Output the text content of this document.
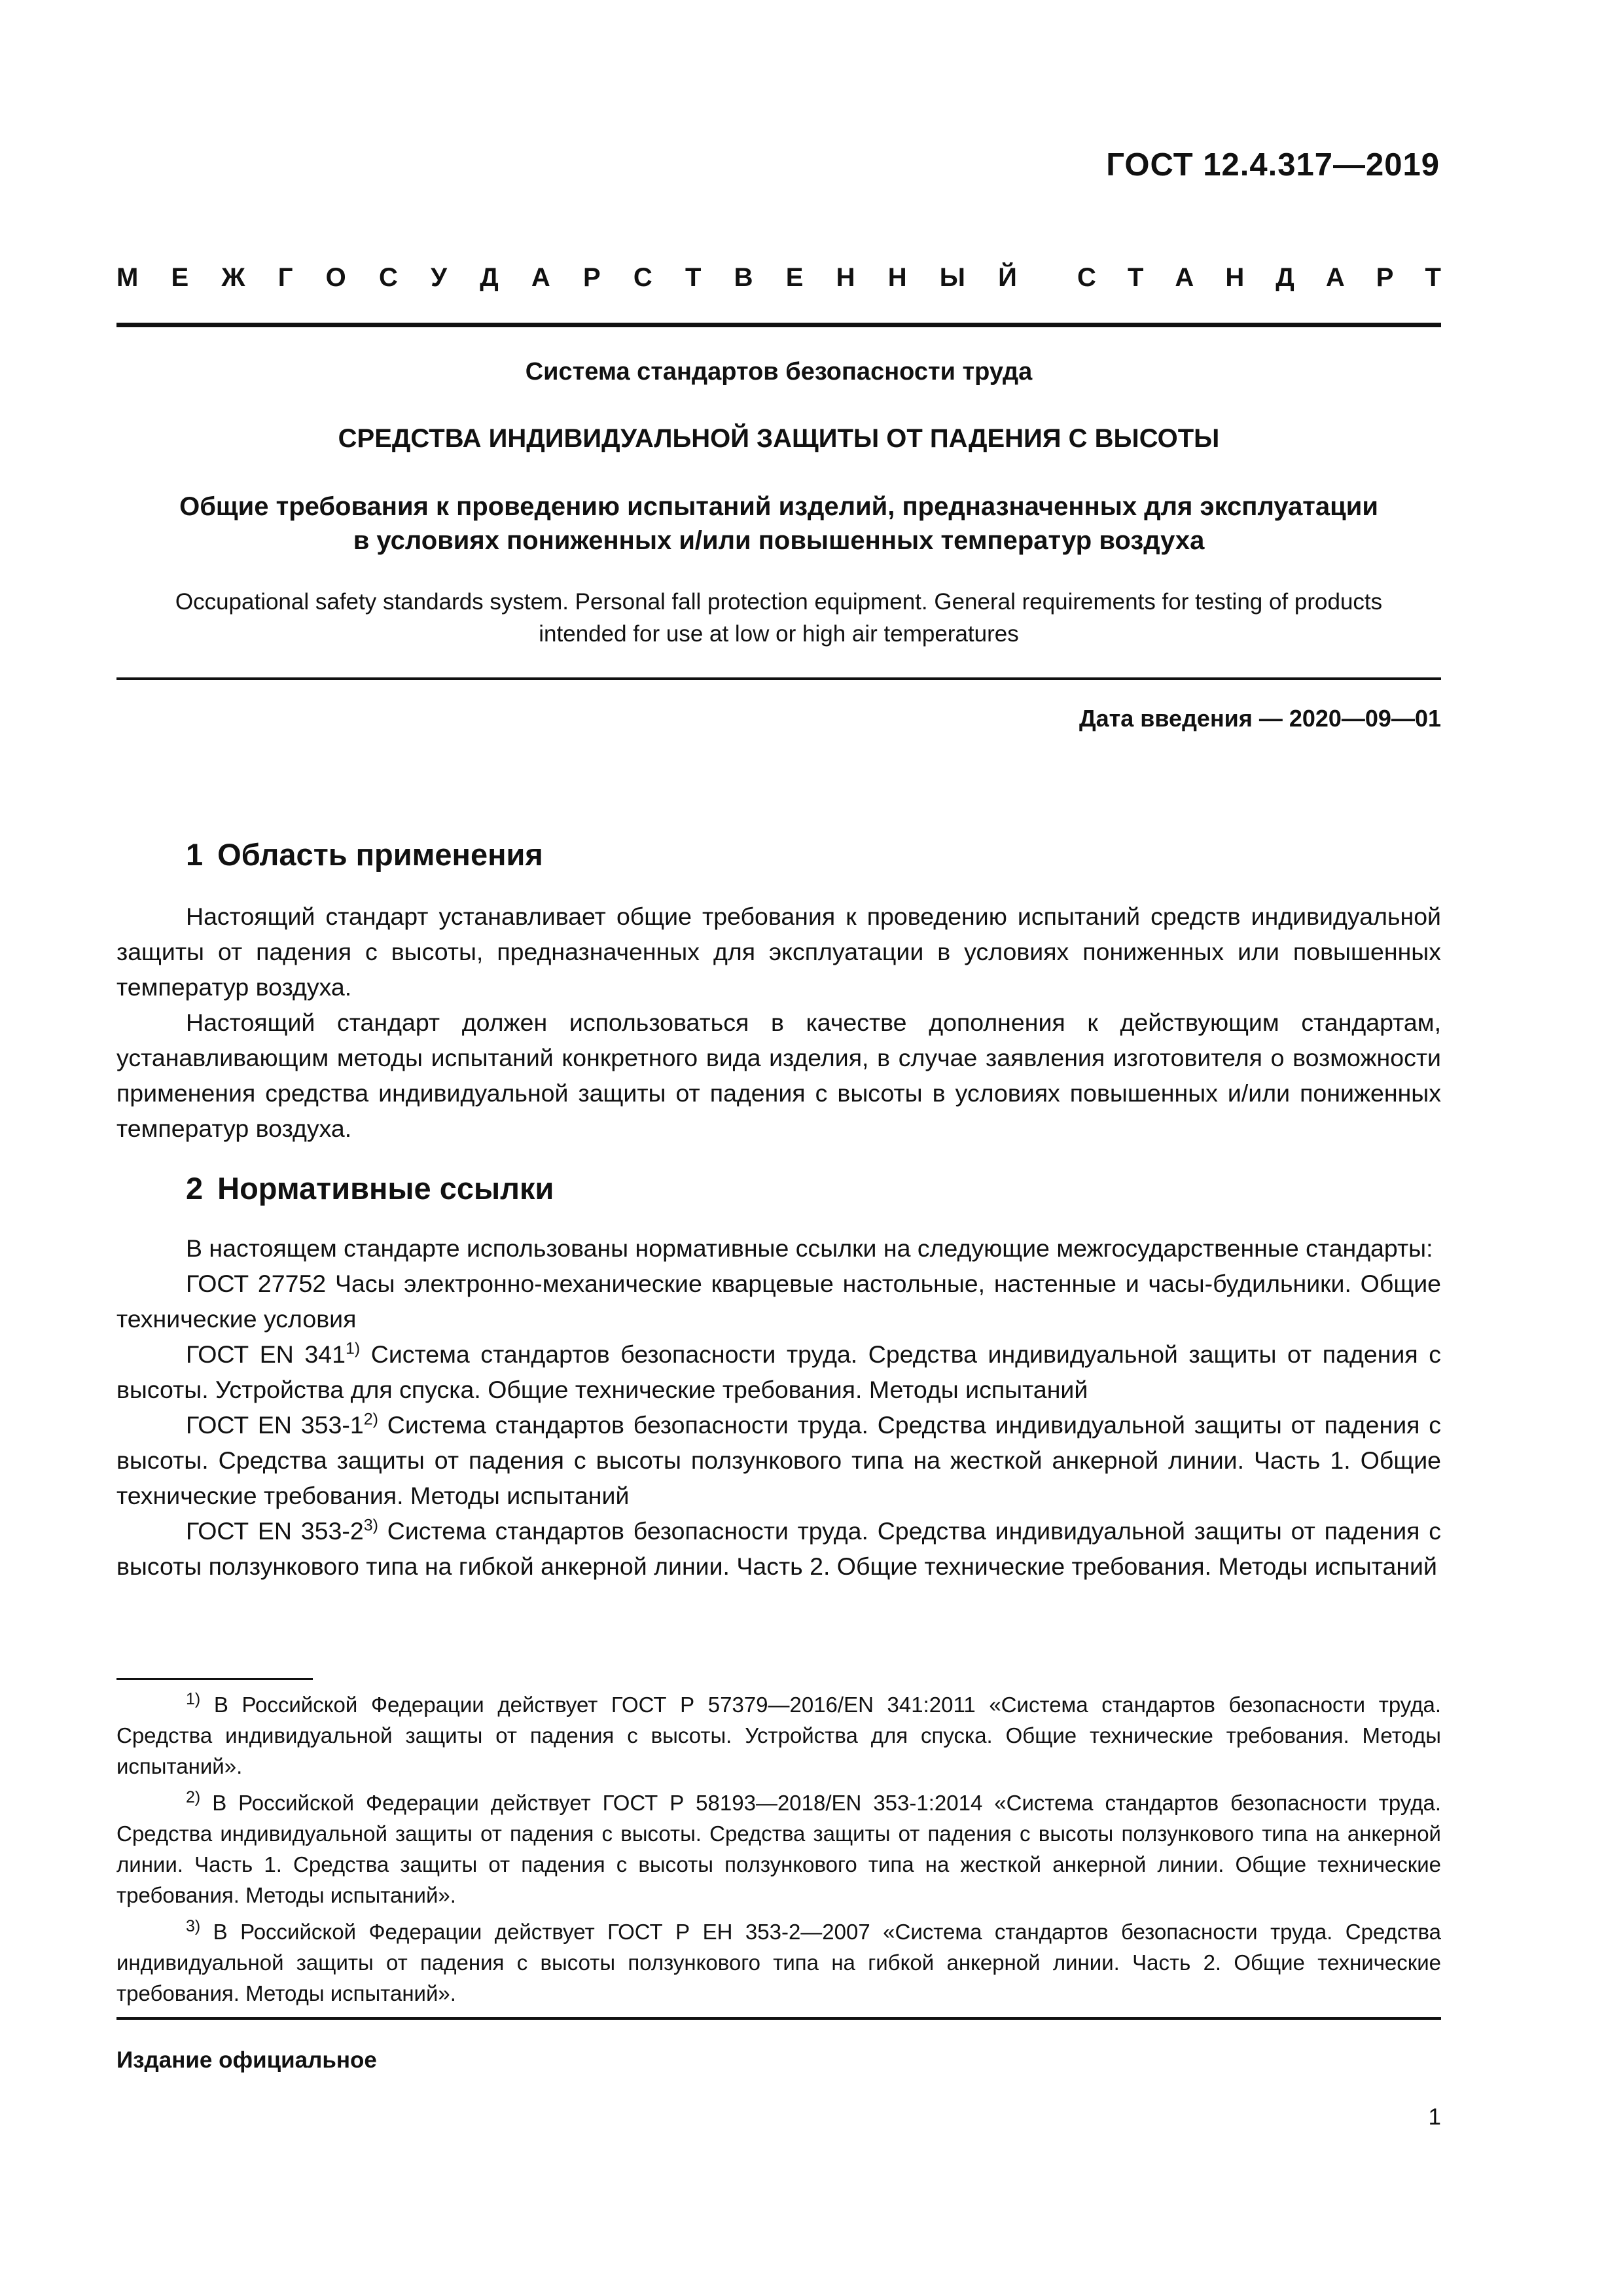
ГОСТ 12.4.317—2019
М Е Ж Г О С У Д А Р С Т В Е Н Н Ы Й С Т А Н Д А Р Т
Система стандартов безопасности труда
СРЕДСТВА ИНДИВИДУАЛЬНОЙ ЗАЩИТЫ ОТ ПАДЕНИЯ С ВЫСОТЫ
Общие требования к проведению испытаний изделий, предназначенных для эксплуатации
в условиях пониженных и/или повышенных температур воздуха
Occupational safety standards system. Personal fall protection equipment. General requirements for testing of products
intended for use at low or high air temperatures
Дата введения — 2020—09—01
1 Область применения

Настоящий стандарт устанавливает общие требования к проведению испытаний средств индивидуальной защиты от падения с высоты, предназначенных для эксплуатации в условиях пониженных или повышенных температур воздуха.

Настоящий стандарт должен использоваться в качестве дополнения к действующим стандартам, устанавливающим методы испытаний конкретного вида изделия, в случае заявления изготовителя о возможности применения средства индивидуальной защиты от падения с высоты в условиях повышенных и/или пониженных температур воздуха.

2 Нормативные ссылки

В настоящем стандарте использованы нормативные ссылки на следующие межгосударственные стандарты:

ГОСТ 27752 Часы электронно-механические кварцевые настольные, настенные и часы-будильники. Общие технические условия

ГОСТ EN 341$^{1)}$ Система стандартов безопасности труда. Средства индивидуальной защиты от падения с высоты. Устройства для спуска. Общие технические требования. Методы испытаний

ГОСТ EN 353-1$^{2)}$ Система стандартов безопасности труда. Средства индивидуальной защиты от падения с высоты. Средства защиты от падения с высоты ползункового типа на жесткой анкерной линии. Часть 1. Общие технические требования. Методы испытаний

ГОСТ EN 353-2$^{3)}$ Система стандартов безопасности труда. Средства индивидуальной защиты от падения с высоты ползункового типа на гибкой анкерной линии. Часть 2. Общие технические требования. Методы испытаний

$^{1)}$ В Российской Федерации действует ГОСТ Р 57379—2016/EN 341:2011 «Система стандартов безопасности труда. Средства индивидуальной защиты от падения с высоты. Устройства для спуска. Общие технические требования. Методы испытаний».

$^{2)}$ В Российской Федерации действует ГОСТ Р 58193—2018/EN 353-1:2014 «Система стандартов безопасности труда. Средства индивидуальной защиты от падения с высоты. Средства защиты от падения с высоты ползункового типа на анкерной линии. Часть 1. Средства защиты от падения с высоты ползункового типа на жесткой анкерной линии. Общие технические требования. Методы испытаний».

$^{3)}$ В Российской Федерации действует ГОСТ Р ЕН 353-2—2007 «Система стандартов безопасности труда. Средства индивидуальной защиты от падения с высоты ползункового типа на гибкой анкерной линии. Часть 2. Общие технические требования. Методы испытаний».

Издание официальное
1
